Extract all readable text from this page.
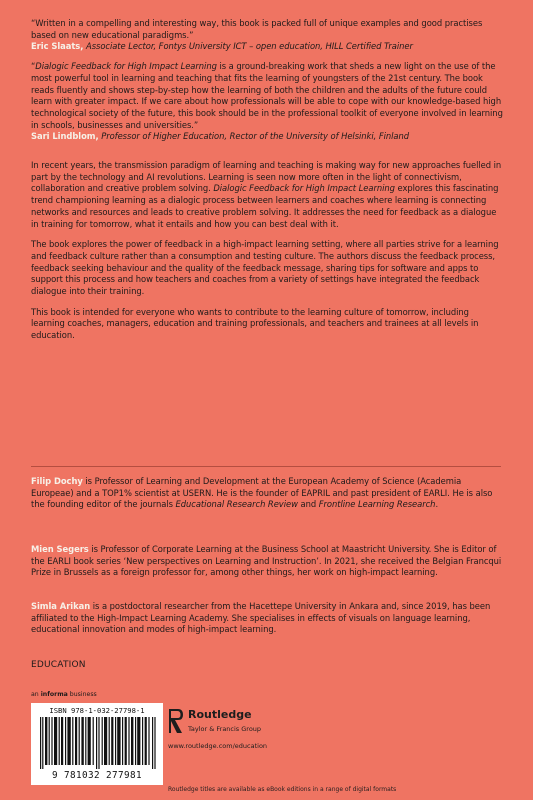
“Written in a compelling and interesting way, this book is packed full of unique examples and good practises based on new educational paradigms.”

Eric Slaats, Associate Lector, Fontys University ICT – open education, HILL Certified Trainer

“Dialogic Feedback for High Impact Learning is a ground-breaking work that sheds a new light on the use of the most powerful tool in learning and teaching that fits the learning of youngsters of the 21st century. The book reads fluently and shows step-by-step how the learning of both the children and the adults of the future could learn with greater impact. If we care about how professionals will be able to cope with our knowledge-based high technological society of the future, this book should be in the professional toolkit of everyone involved in learning in schools, businesses and universities.”

Sari Lindblom, Professor of Higher Education, Rector of the University of Helsinki, Finland

In recent years, the transmission paradigm of learning and teaching is making way for new approaches fuelled in part by the technology and AI revolutions. Learning is seen now more often in the light of connectivism, collaboration and creative problem solving. Dialogic Feedback for High Impact Learning explores this fascinating trend championing learning as a dialogic process between learners and coaches where learning is connecting networks and resources and leads to creative problem solving. It addresses the need for feedback as a dialogue in training for tomorrow, what it entails and how you can best deal with it.

The book explores the power of feedback in a high-impact learning setting, where all parties strive for a learning and feedback culture rather than a consumption and testing culture. The authors discuss the feedback process, feedback seeking behaviour and the quality of the feedback message, sharing tips for software and apps to support this process and how teachers and coaches from a variety of settings have integrated the feedback dialogue into their training.

This book is intended for everyone who wants to contribute to the learning culture of tomorrow, including learning coaches, managers, education and training professionals, and teachers and trainees at all levels in education.

Filip Dochy is Professor of Learning and Development at the European Academy of Science (Academia Europeae) and a TOP1% scientist at USERN. He is the founder of EAPRIL and past president of EARLI. He is also the founding editor of the journals Educational Research Review and Frontline Learning Research.

Mien Segers is Professor of Corporate Learning at the Business School at Maastricht University. She is Editor of the EARLI book series ‘New perspectives on Learning and Instruction’. In 2021, she received the Belgian Francqui Prize in Brussels as a foreign professor for, among other things, her work on high-impact learning.

Simla Arikan is a postdoctoral researcher from the Hacettepe University in Ankara and, since 2019, has been affiliated to the High-Impact Learning Academy. She specialises in effects of visuals on language learning, educational innovation and modes of high-impact learning.

EDUCATION
an informa business
ISBN 978-1-032-27798-1
9 781032 277981
Routledge
Taylor & Francis Group
www.routledge.com/education
Routledge titles are available as eBook editions in a range of digital formats
